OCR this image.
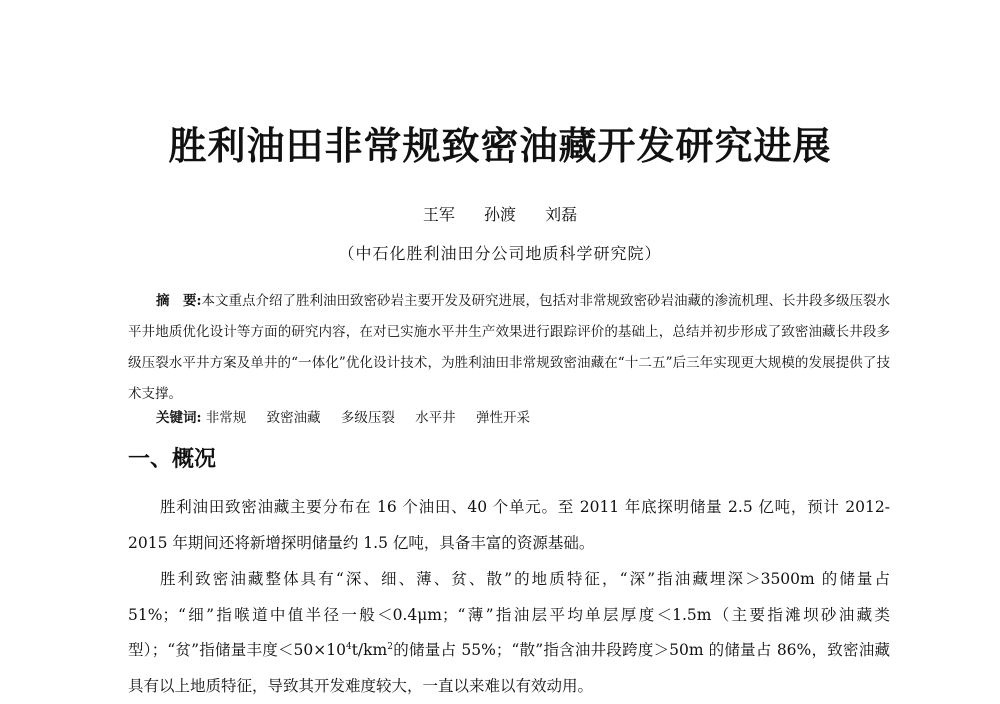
胜利油田非常规致密油藏开发研究进展
王军 孙渡 刘磊
（中石化胜利油田分公司地质科学研究院）
摘　要:本文重点介绍了胜利油田致密砂岩主要开发及研究进展，包括对非常规致密砂岩油藏的渗流机理、长井段多级压裂水平井地质优化设计等方面的研究内容，在对已实施水平井生产效果进行跟踪评价的基础上，总结并初步形成了致密油藏长井段多级压裂水平井方案及单井的“一体化”优化设计技术，为胜利油田非常规致密油藏在“十二五”后三年实现更大规模的发展提供了技术支撑。
关键词: 非常规 致密油藏 多级压裂 水平井 弹性开采
一、概况
胜利油田致密油藏主要分布在 16 个油田、40 个单元。至 2011 年底探明储量 2.5 亿吨，预计 2012-2015 年期间还将新增探明储量约 1.5 亿吨，具备丰富的资源基础。
胜利致密油藏整体具有“深、细、薄、贫、散”的地质特征，“深”指油藏埋深＞3500m 的储量占 51%；“细”指喉道中值半径一般＜0.4μm；“薄”指油层平均单层厚度＜1.5m（主要指滩坝砂油藏类型）；“贫”指储量丰度$<50\times 10^4t/km^2$的储量占 55%；“散”指含油井段跨度＞50m 的储量占 86%，致密油藏具有以上地质特征，导致其开发难度较大，一直以来难以有效动用。
